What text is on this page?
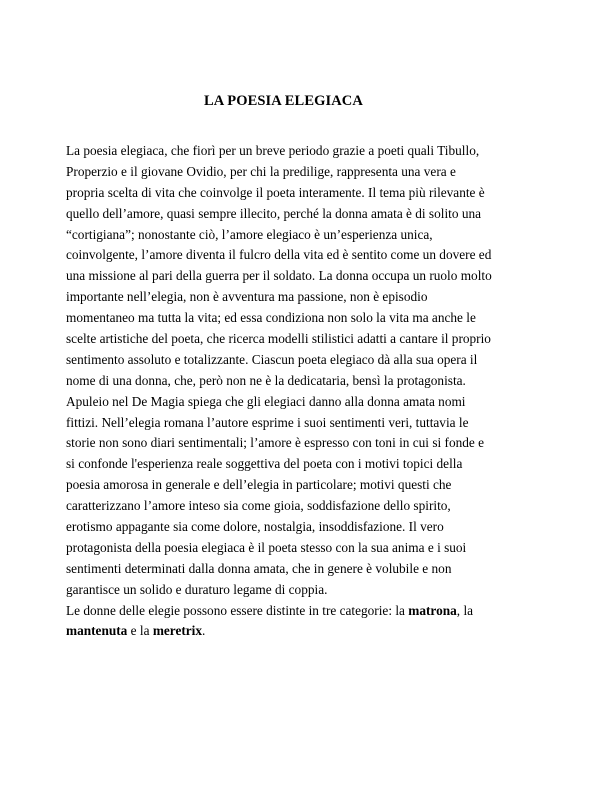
LA POESIA ELEGIACA
La poesia elegiaca, che fiorì per un breve periodo grazie a poeti quali Tibullo,
Properzio e il giovane Ovidio, per chi la predilige, rappresenta una vera e
propria scelta di vita che coinvolge il poeta interamente. Il tema più rilevante è
quello dell’amore, quasi sempre illecito, perché la donna amata è di solito una
“cortigiana”; nonostante ciò, l’amore elegiaco è un’esperienza unica,
coinvolgente, l’amore diventa il fulcro della vita ed è sentito come un dovere ed
una missione al pari della guerra per il soldato. La donna occupa un ruolo molto
importante nell’elegia, non è avventura ma passione, non è episodio
momentaneo ma tutta la vita; ed essa condiziona non solo la vita ma anche le
scelte artistiche del poeta, che ricerca modelli stilistici adatti a cantare il proprio
sentimento assoluto e totalizzante. Ciascun poeta elegiaco dà alla sua opera il
nome di una donna, che, però non ne è la dedicataria, bensì la protagonista.
Apuleio nel De Magia spiega che gli elegiaci danno alla donna amata nomi
fittizi. Nell’elegia romana l’autore esprime i suoi sentimenti veri, tuttavia le
storie non sono diari sentimentali; l’amore è espresso con toni in cui si fonde e
si confonde l'esperienza reale soggettiva del poeta con i motivi topici della
poesia amorosa in generale e dell’elegia in particolare; motivi questi che
caratterizzano l’amore inteso sia come gioia, soddisfazione dello spirito,
erotismo appagante sia come dolore, nostalgia, insoddisfazione. Il vero
protagonista della poesia elegiaca è il poeta stesso con la sua anima e i suoi
sentimenti determinati dalla donna amata, che in genere è volubile e non
garantisce un solido e duraturo legame di coppia.
Le donne delle elegie possono essere distinte in tre categorie: la matrona, la
mantenuta e la meretrix.
